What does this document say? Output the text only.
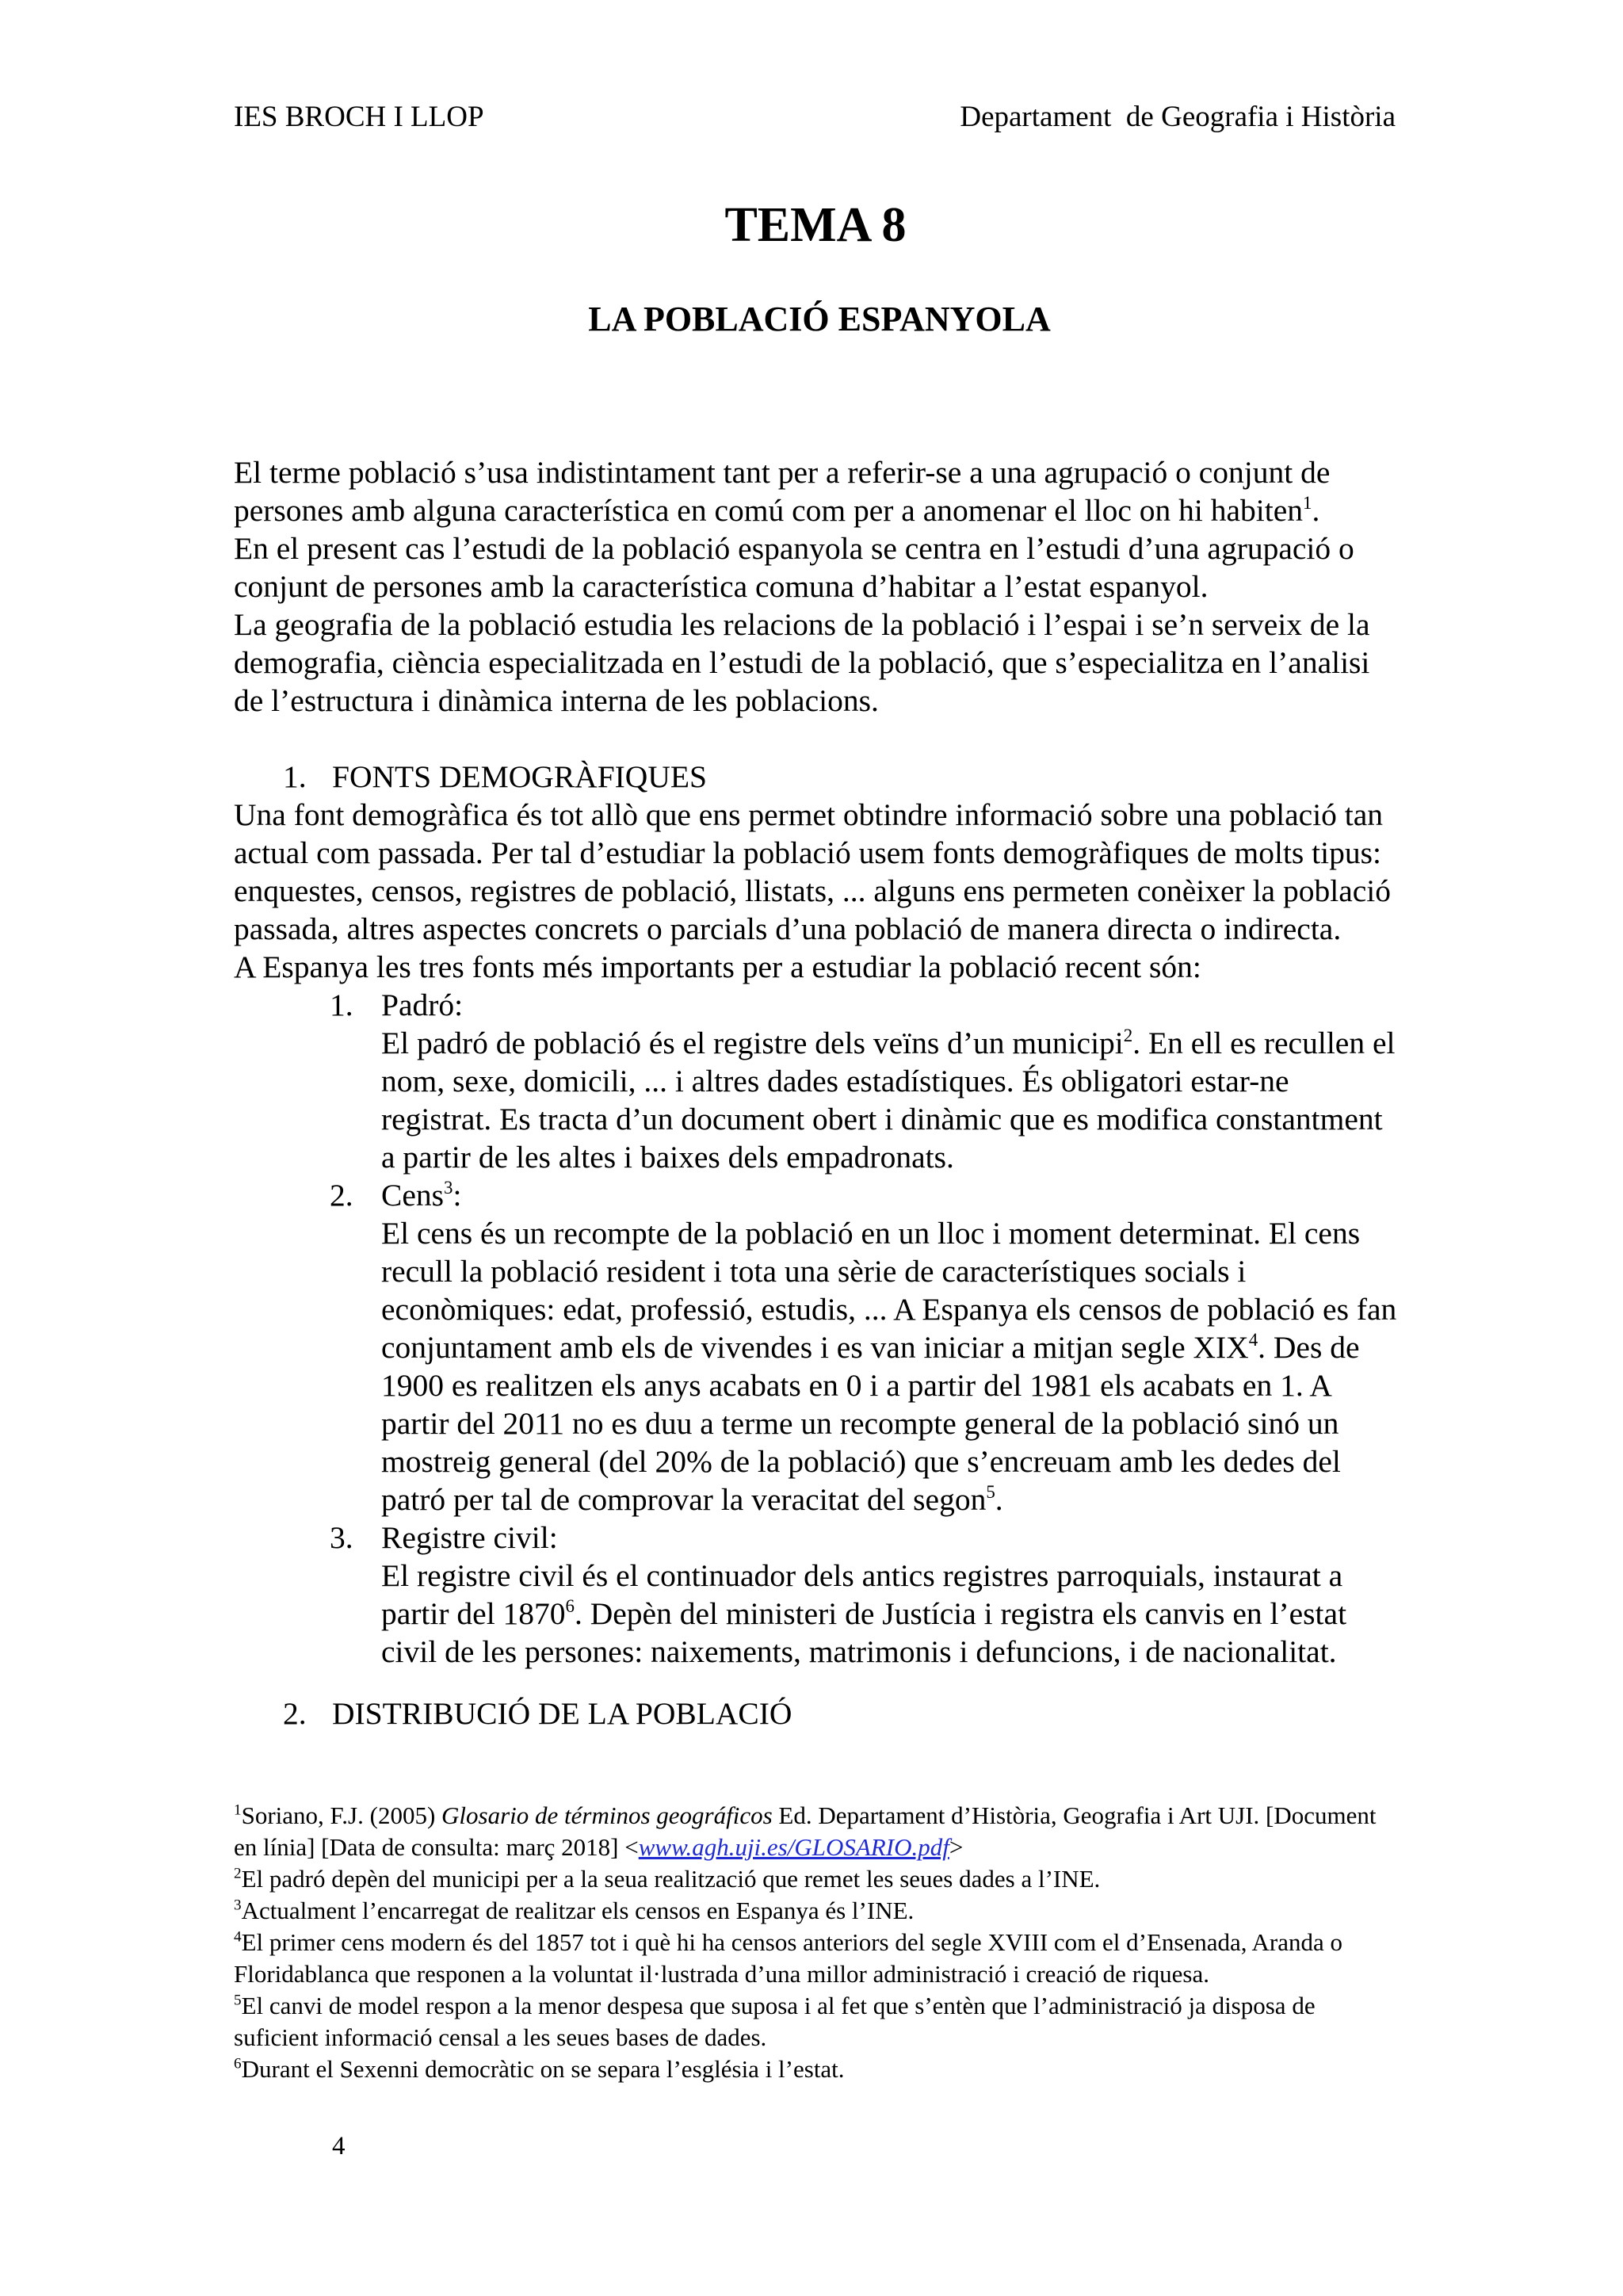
IES BROCH I LLOP	Departament  de Geografia i Història
TEMA 8
LA POBLACIÓ ESPANYOLA

El terme població s’usa indistintament tant per a referir-se a una agrupació o conjunt de persones amb alguna característica en comú com per a anomenar el lloc on hi habiten$^1$.

En el present cas l’estudi de la població espanyola se centra en l’estudi d’una agrupació o conjunt de persones amb la característica comuna d’habitar a l’estat espanyol.

La geografia de la població estudia les relacions de la població i l’espai i se’n serveix de la demografia, ciència especialitzada en l’estudi de la població, que s’especialitza en l’analisi de l’estructura i dinàmica interna de les poblacions.

1. FONTS DEMOGRÀFIQUES

Una font demogràfica és tot allò que ens permet obtindre informació sobre una població tan actual com passada. Per tal d’estudiar la població usem fonts demogràfiques de molts tipus: enquestes, censos, registres de població, llistats, ... alguns ens permeten conèixer la població passada, altres aspectes concrets o parcials d’una població de manera directa o indirecta.

A Espanya les tres fonts més importants per a estudiar la població recent són:

1. Padró:

El padró de població és el registre dels veïns d’un municipi$^2$. En ell es recullen el nom, sexe, domicili, ... i altres dades estadístiques. És obligatori estar-ne registrat. Es tracta d’un document obert i dinàmic que es modifica constantment a partir de les altes i baixes dels empadronats.

2. Cens$^3$:

El cens és un recompte de la població en un lloc i moment determinat. El cens recull la població resident i tota una sèrie de característiques socials i econòmiques: edat, professió, estudis, ... A Espanya els censos de població es fan conjuntament amb els de vivendes i es van iniciar a mitjan segle XIX$^4$. Des de 1900 es realitzen els anys acabats en 0 i a partir del 1981 els acabats en 1. A partir del 2011 no es duu a terme un recompte general de la població sinó un mostreig general (del 20% de la població) que s’encreuam amb les dedes del patró per tal de comprovar la veracitat del segon$^5$.

3. Registre civil:

El registre civil és el continuador dels antics registres parroquials, instaurat a partir del 1870$^6$. Depèn del ministeri de Justícia i registra els canvis en l’estat civil de les persones: naixements, matrimonis i defuncions, i de nacionalitat.

2. DISTRIBUCIÓ DE LA POBLACIÓ

$^1$Soriano, F.J. (2005) Glosario de términos geográficos Ed. Departament d’Història, Geografia i Art UJI. [Document en línia] [Data de consulta: març 2018] <www.agh.uji.es/GLOSARIO.pdf>

$^2$El padró depèn del municipi per a la seua realització que remet les seues dades a l’INE.

$^3$Actualment l’encarregat de realitzar els censos en Espanya és l’INE.

$^4$El primer cens modern és del 1857 tot i què hi ha censos anteriors del segle XVIII com el d’Ensenada, Aranda o Floridablanca que responen a la voluntat il·lustrada d’una millor administració i creació de riquesa.

$^5$El canvi de model respon a la menor despesa que suposa i al fet que s’entèn que l’administració ja disposa de suficient informació censal a les seues bases de dades.

$^6$Durant el Sexenni democràtic on se separa l’església i l’estat.

4
